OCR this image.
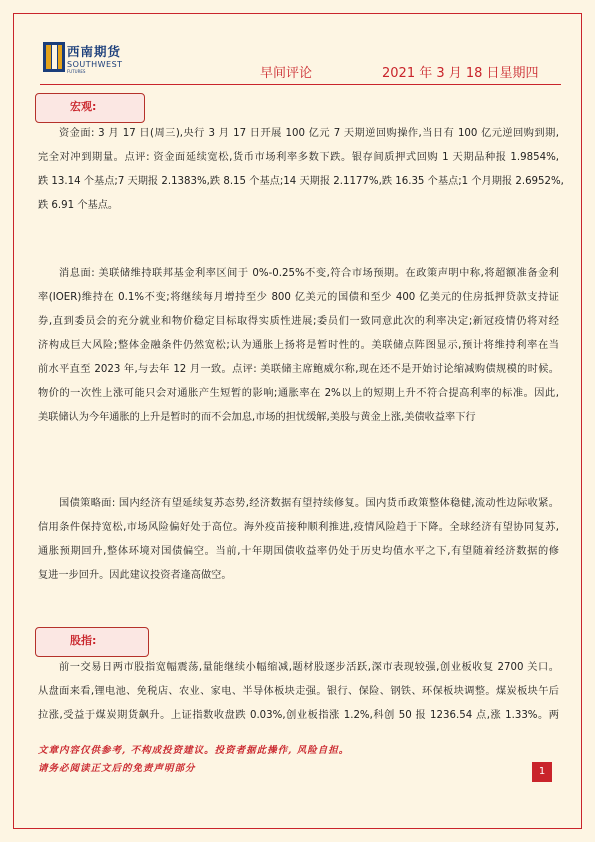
西南期货
SOUTHWEST
FUTURES	早间评论	2021 年 3 月 18 日星期四
宏观:
资金面: 3 月 17 日(周三),央行 3 月 17 日开展 100 亿元 7 天期逆回购操作,当日有 100 亿元逆回购到期,
完全对冲到期量。点评: 资金面延续宽松,货币市场利率多数下跌。银存间质押式回购 1 天期品种报 1.9854%,
跌 13.14 个基点;7 天期报 2.1383%,跌 8.15 个基点;14 天期报 2.1177%,跌 16.35 个基点;1 个月期报 2.6952%,
跌 6.91 个基点。
消息面: 美联储维持联邦基金利率区间于 0%-0.25%不变,符合市场预期。在政策声明中称,将超额准备金利
率(IOER)维持在 0.1%不变;将继续每月增持至少 800 亿美元的国债和至少 400 亿美元的住房抵押贷款支持证
券,直到委员会的充分就业和物价稳定目标取得实质性进展;委员们一致同意此次的利率决定;新冠疫情仍将对经
济构成巨大风险;整体金融条件仍然宽松;认为通胀上扬将是暂时性的。美联储点阵图显示,预计将维持利率在当
前水平直至 2023 年,与去年 12 月一致。点评: 美联储主席鲍威尔称,现在还不是开始讨论缩减购债规模的时候。
物价的一次性上涨可能只会对通胀产生短暂的影响;通胀率在 2%以上的短期上升不符合提高利率的标准。因此,
美联储认为今年通胀的上升是暂时的而不会加息,市场的担忧缓解,美股与黄金上涨,美债收益率下行
国债策略面: 国内经济有望延续复苏态势,经济数据有望持续修复。国内货币政策整体稳健,流动性边际收紧。
信用条件保持宽松,市场风险偏好处于高位。海外疫苗接种顺利推进,疫情风险趋于下降。全球经济有望协同复苏,
通胀预期回升,整体环境对国债偏空。当前,十年期国债收益率仍处于历史均值水平之下,有望随着经济数据的修
复进一步回升。因此建议投资者逢高做空。
股指:
前一交易日两市股指宽幅震荡,量能继续小幅缩减,题材股逐步活跃,深市表现较强,创业板收复 2700 关口。
从盘面来看,锂电池、免税店、农业、家电、半导体板块走强。银行、保险、钢铁、环保板块调整。煤炭板块午后
拉涨,受益于煤炭期货飙升。上证指数收盘跌 0.03%,创业板指涨 1.2%,科创 50 报 1236.54 点,涨 1.33%。两
文章内容仅供参考, 不构成投资建议。投资者据此操作, 风险自担。
请务必阅读正文后的免责声明部分	1
